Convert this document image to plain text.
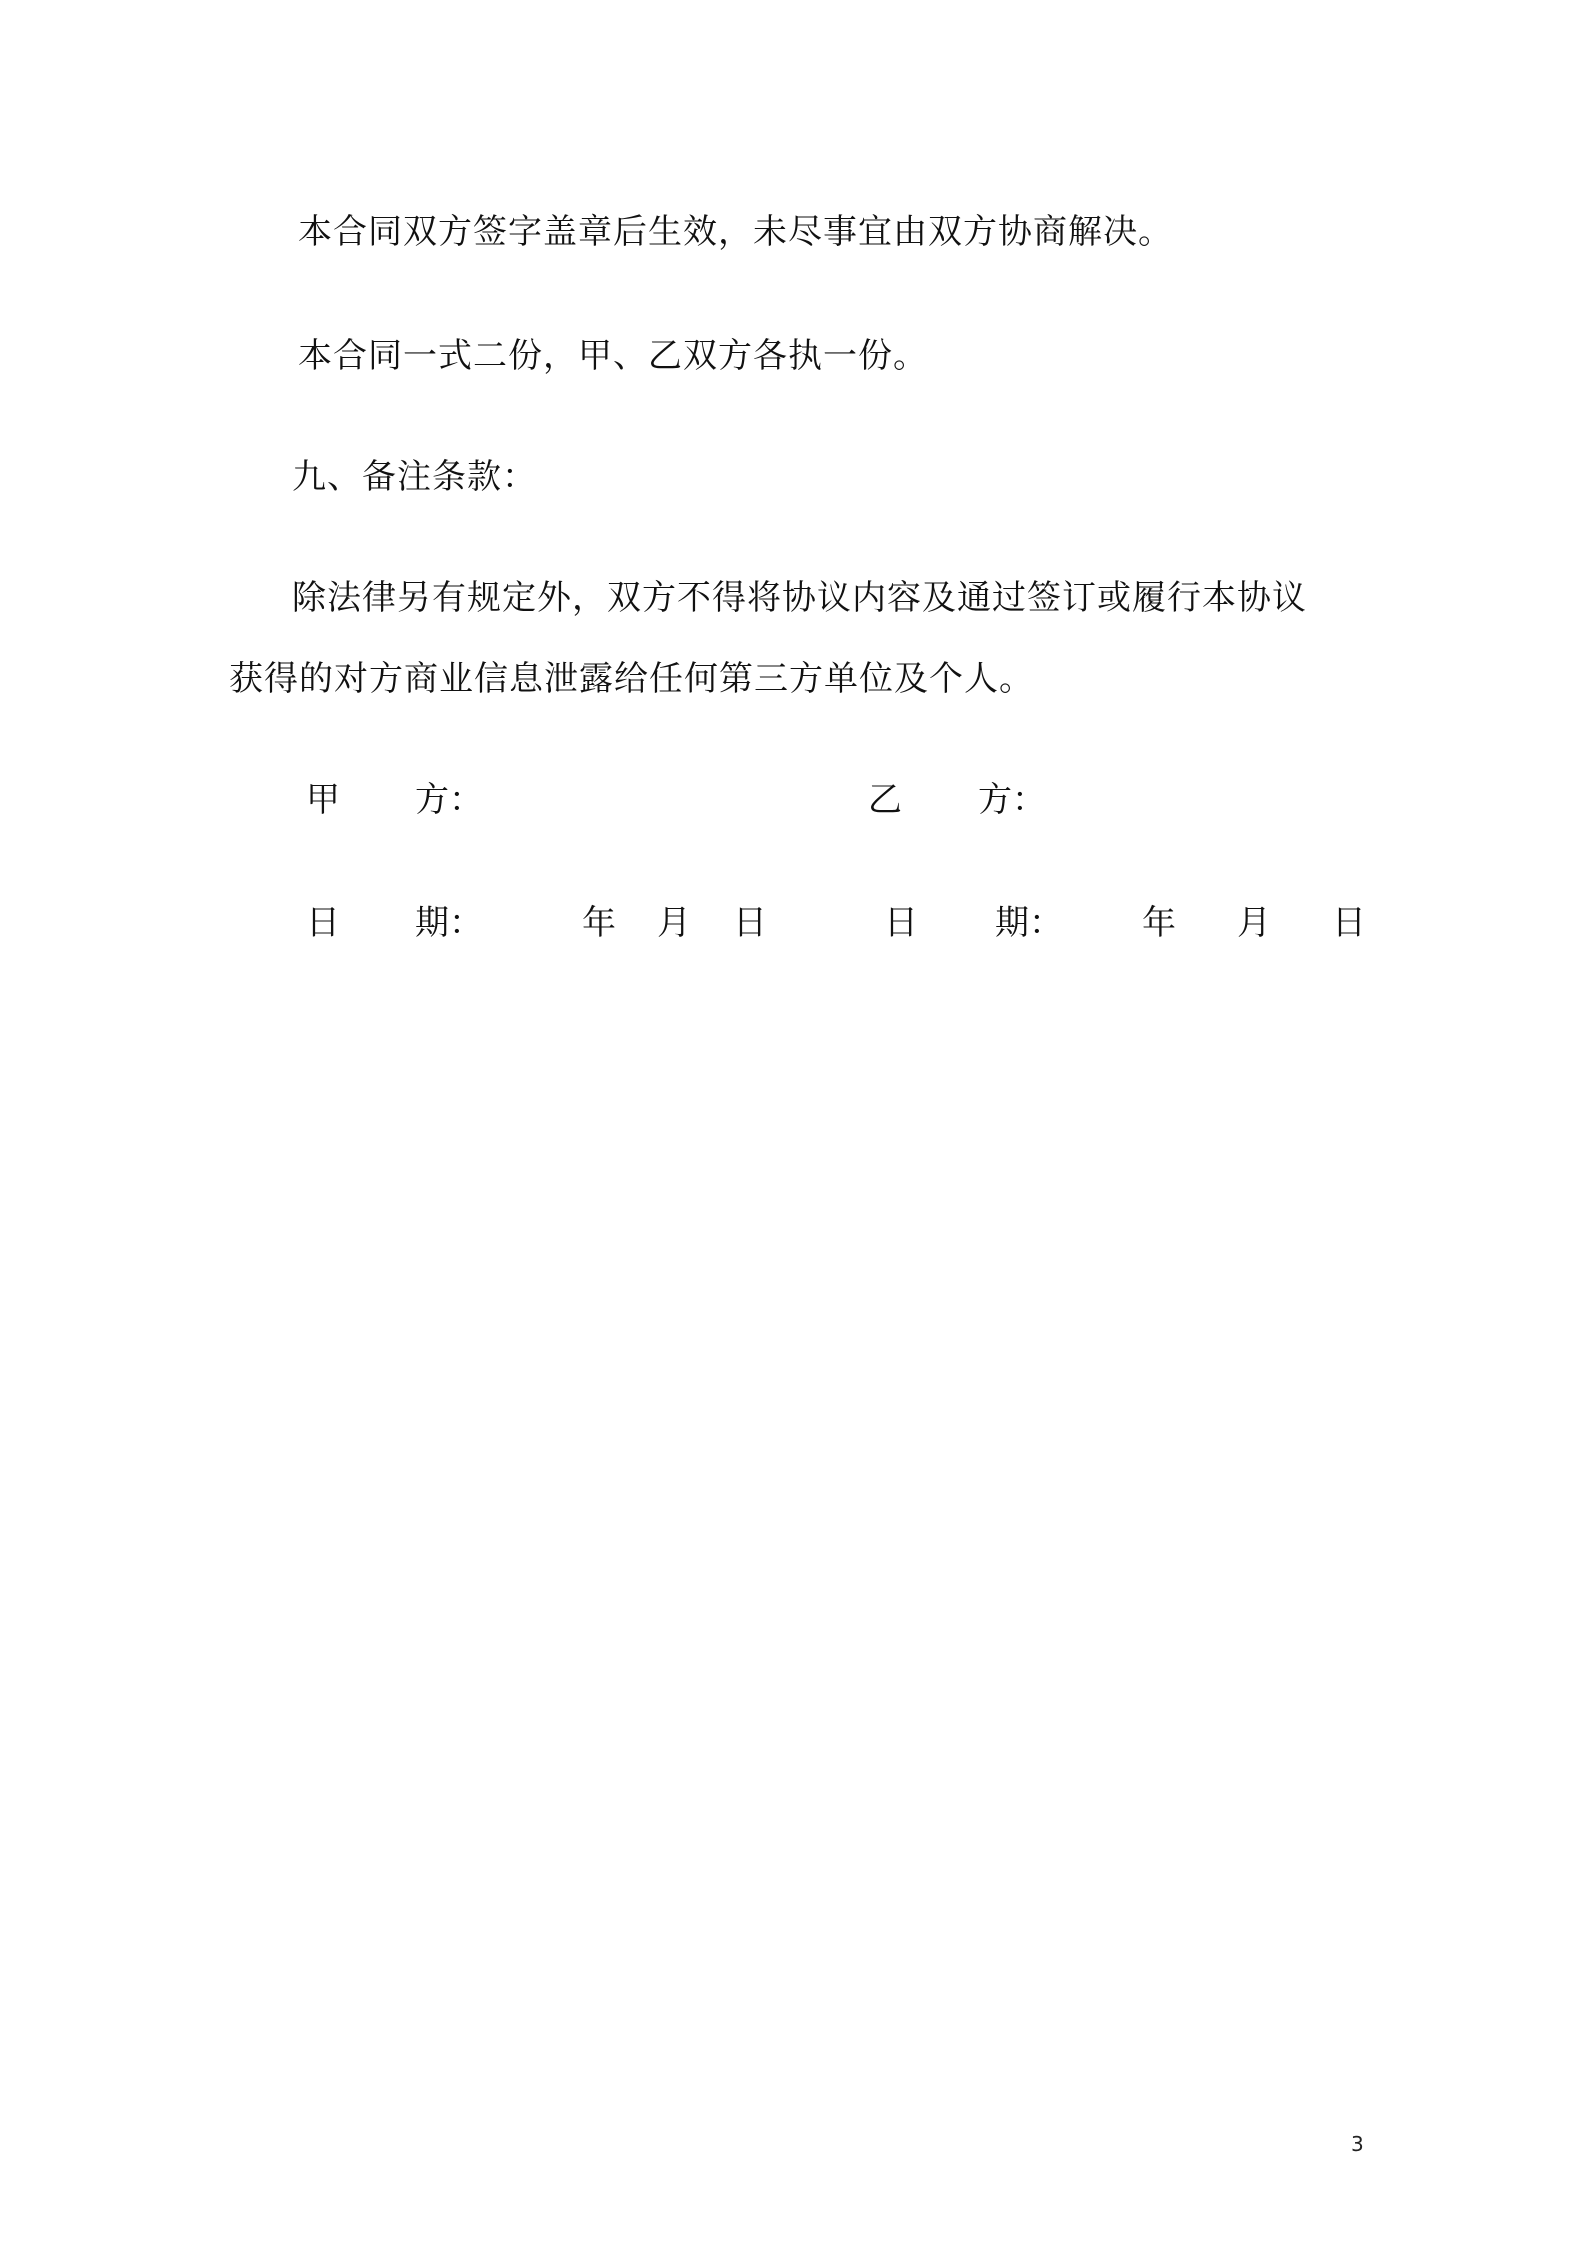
本合同双方签字盖章后生效，未尽事宜由双方协商解决。
本合同一式二份，甲、乙双方各执一份。
九、备注条款：
除法律另有规定外，双方不得将协议内容及通过签订或履行本协议
获得的对方商业信息泄露给任何第三方单位及个人。
甲 方：	乙 方：
日 期：	年 月 日	日 期： 年 月 日
3
